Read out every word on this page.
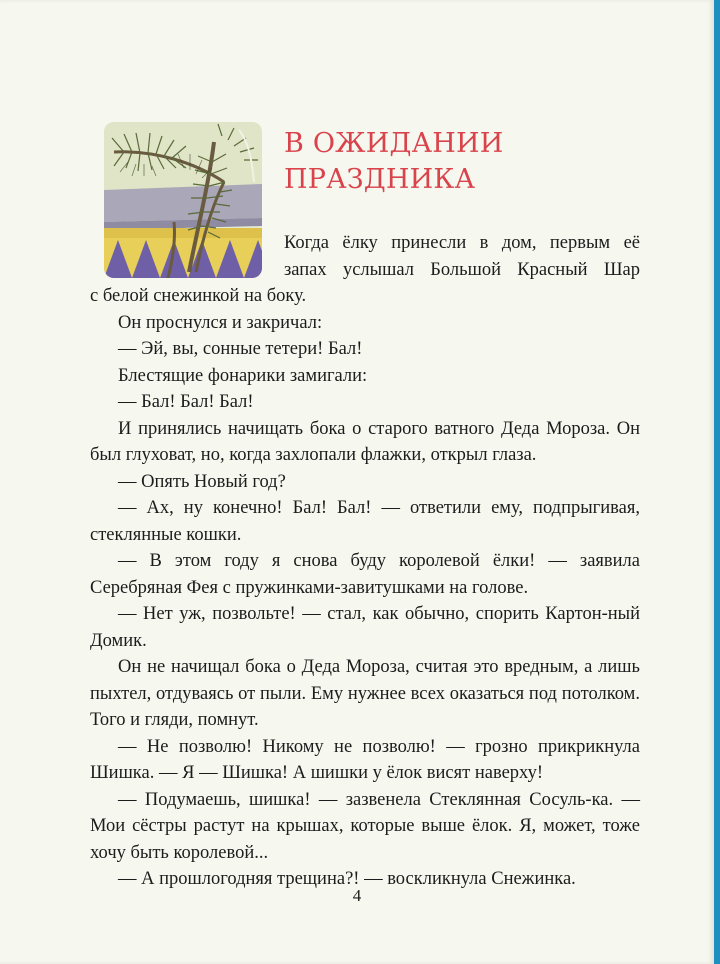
В ОЖИДАНИИ
ПРАЗДНИКА

Когда ёлку принесли в дом, первым её

запах услышал Большой Красный Шар

с белой снежинкой на боку.

Он проснулся и закричал:

— Эй, вы, сонные тетери! Бал!

Блестящие фонарики замигали:

— Бал! Бал! Бал!

И принялись начищать бока о старого ватного Деда Мороза. Он был глуховат, но, когда захлопали флажки, открыл глаза.

— Опять Новый год?

— Ах, ну конечно! Бал! Бал! — ответили ему, подпрыгивая, стеклянные кошки.

— В этом году я снова буду королевой ёлки! — заявила Серебряная Фея с пружинками-завитушками на голове.

— Нет уж, позвольте! — стал, как обычно, спорить Картон-ный Домик.

Он не начищал бока о Деда Мороза, считая это вредным, а лишь пыхтел, отдуваясь от пыли. Ему нужнее всех оказаться под потолком. Того и гляди, помнут.

— Не позволю! Никому не позволю! — грозно прикрикнула Шишка. — Я — Шишка! А шишки у ёлок висят наверху!

— Подумаешь, шишка! — зазвенела Стеклянная Сосуль-ка. — Мои сёстры растут на крышах, которые выше ёлок. Я, может, тоже хочу быть королевой...

— А прошлогодняя трещина?! — воскликнула Снежинка.

4
